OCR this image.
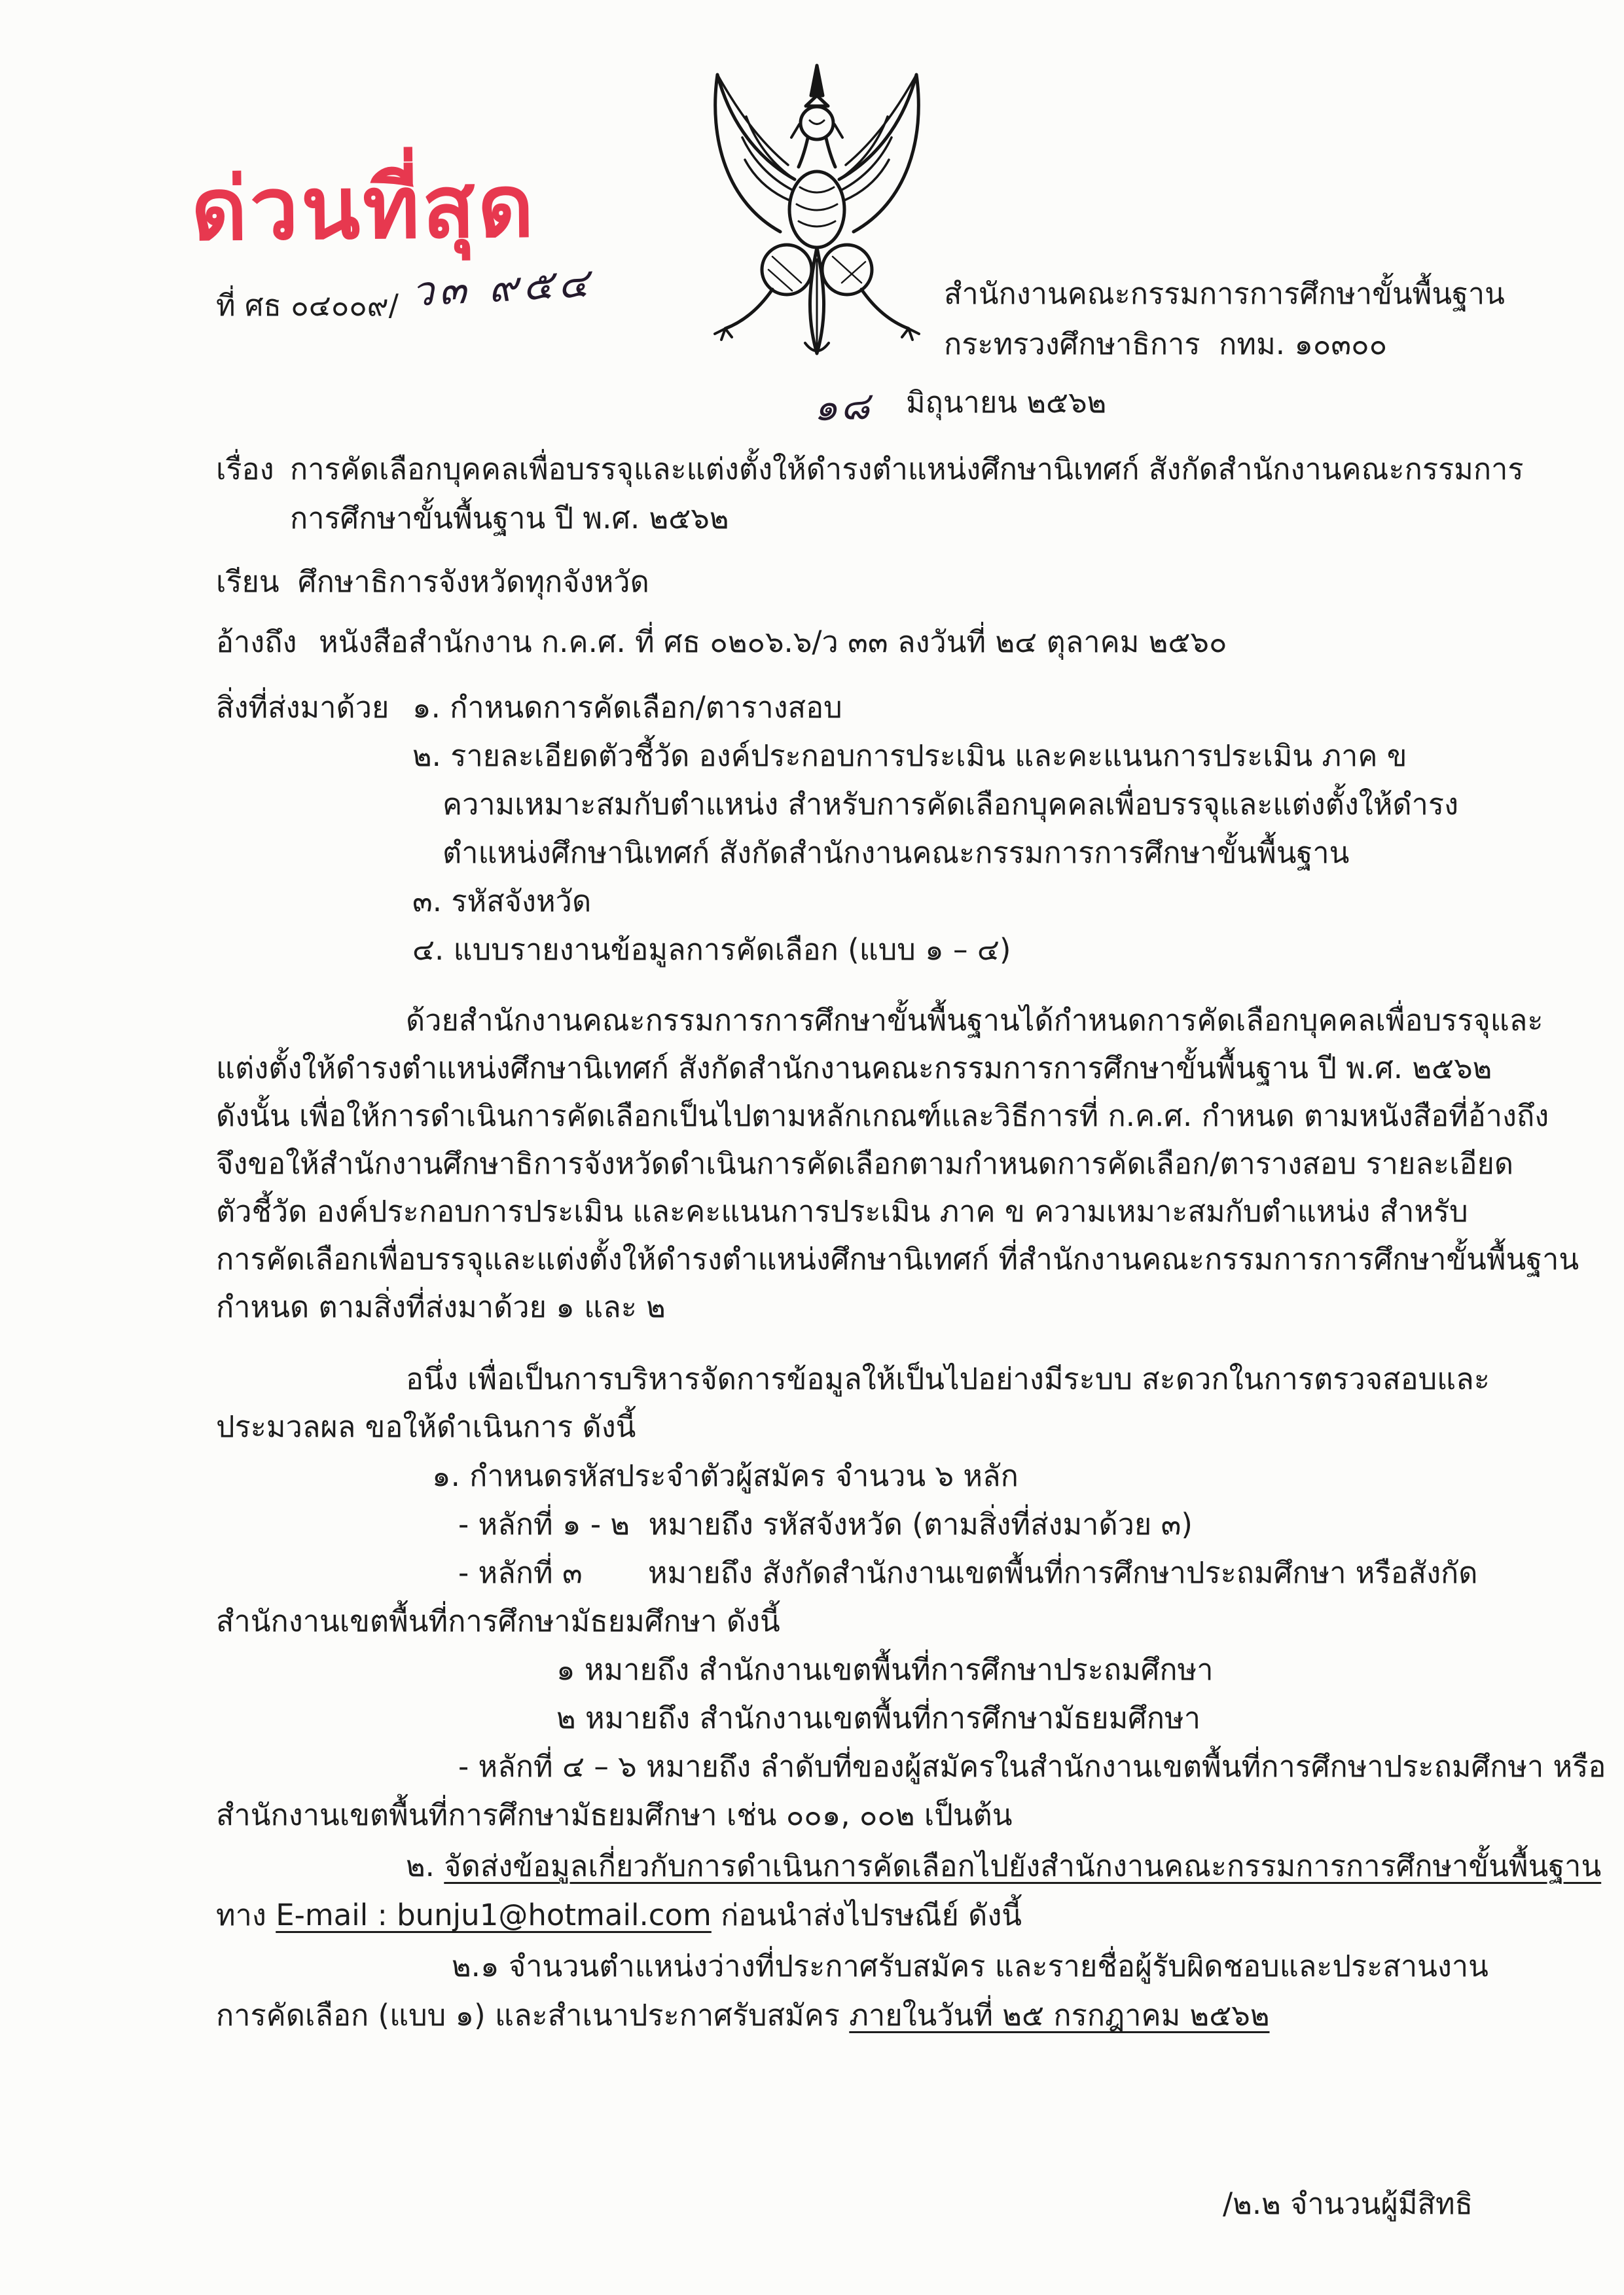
ด่วนที่สุด
ที่ ศธ ๐๔๐๐๙/ ว๓ ๙๕๔	สำนักงานคณะกรรมการการศึกษาขั้นพื้นฐาน
กระทรวงศึกษาธิการ  กทม. ๑๐๓๐๐
๑๘ มิถุนายน ๒๕๖๒
เรื่อง การคัดเลือกบุคคลเพื่อบรรจุและแต่งตั้งให้ดำรงตำแหน่งศึกษานิเทศก์ สังกัดสำนักงานคณะกรรมการ
การศึกษาขั้นพื้นฐาน ปี พ.ศ. ๒๕๖๒
เรียน ศึกษาธิการจังหวัดทุกจังหวัด
อ้างถึง หนังสือสำนักงาน ก.ค.ศ. ที่ ศธ ๐๒๐๖.๖/ว ๓๓ ลงวันที่ ๒๔ ตุลาคม ๒๕๖๐
สิ่งที่ส่งมาด้วย ๑. กำหนดการคัดเลือก/ตารางสอบ
๒. รายละเอียดตัวชี้วัด องค์ประกอบการประเมิน และคะแนนการประเมิน ภาค ข
ความเหมาะสมกับตำแหน่ง สำหรับการคัดเลือกบุคคลเพื่อบรรจุและแต่งตั้งให้ดำรง
ตำแหน่งศึกษานิเทศก์ สังกัดสำนักงานคณะกรรมการการศึกษาขั้นพื้นฐาน
๓. รหัสจังหวัด
๔. แบบรายงานข้อมูลการคัดเลือก (แบบ ๑ – ๔)
ด้วยสำนักงานคณะกรรมการการศึกษาขั้นพื้นฐานได้กำหนดการคัดเลือกบุคคลเพื่อบรรจุและ
แต่งตั้งให้ดำรงตำแหน่งศึกษานิเทศก์ สังกัดสำนักงานคณะกรรมการการศึกษาขั้นพื้นฐาน ปี พ.ศ. ๒๕๖๒
ดังนั้น เพื่อให้การดำเนินการคัดเลือกเป็นไปตามหลักเกณฑ์และวิธีการที่ ก.ค.ศ. กำหนด ตามหนังสือที่อ้างถึง
จึงขอให้สำนักงานศึกษาธิการจังหวัดดำเนินการคัดเลือกตามกำหนดการคัดเลือก/ตารางสอบ รายละเอียด
ตัวชี้วัด องค์ประกอบการประเมิน และคะแนนการประเมิน ภาค ข ความเหมาะสมกับตำแหน่ง สำหรับ
การคัดเลือกเพื่อบรรจุและแต่งตั้งให้ดำรงตำแหน่งศึกษานิเทศก์ ที่สำนักงานคณะกรรมการการศึกษาขั้นพื้นฐาน
กำหนด ตามสิ่งที่ส่งมาด้วย ๑ และ ๒
อนึ่ง เพื่อเป็นการบริหารจัดการข้อมูลให้เป็นไปอย่างมีระบบ สะดวกในการตรวจสอบและ
ประมวลผล ขอให้ดำเนินการ ดังนี้
๑. กำหนดรหัสประจำตัวผู้สมัคร จำนวน ๖ หลัก
- หลักที่ ๑ - ๒  หมายถึง รหัสจังหวัด (ตามสิ่งที่ส่งมาด้วย ๓)
- หลักที่ ๓       หมายถึง สังกัดสำนักงานเขตพื้นที่การศึกษาประถมศึกษา หรือสังกัด
สำนักงานเขตพื้นที่การศึกษามัธยมศึกษา ดังนี้
๑ หมายถึง สำนักงานเขตพื้นที่การศึกษาประถมศึกษา
๒ หมายถึง สำนักงานเขตพื้นที่การศึกษามัธยมศึกษา
- หลักที่ ๔ – ๖ หมายถึง ลำดับที่ของผู้สมัครในสำนักงานเขตพื้นที่การศึกษาประถมศึกษา หรือ
สำนักงานเขตพื้นที่การศึกษามัธยมศึกษา เช่น ๐๐๑, ๐๐๒ เป็นต้น
๒. จัดส่งข้อมูลเกี่ยวกับการดำเนินการคัดเลือกไปยังสำนักงานคณะกรรมการการศึกษาขั้นพื้นฐาน
ทาง E-mail : bunju1@hotmail.com ก่อนนำส่งไปรษณีย์ ดังนี้
๒.๑ จำนวนตำแหน่งว่างที่ประกาศรับสมัคร และรายชื่อผู้รับผิดชอบและประสานงาน
การคัดเลือก (แบบ ๑) และสำเนาประกาศรับสมัคร ภายในวันที่ ๒๕ กรกฎาคม ๒๕๖๒
/๒.๒ จำนวนผู้มีสิทธิ
